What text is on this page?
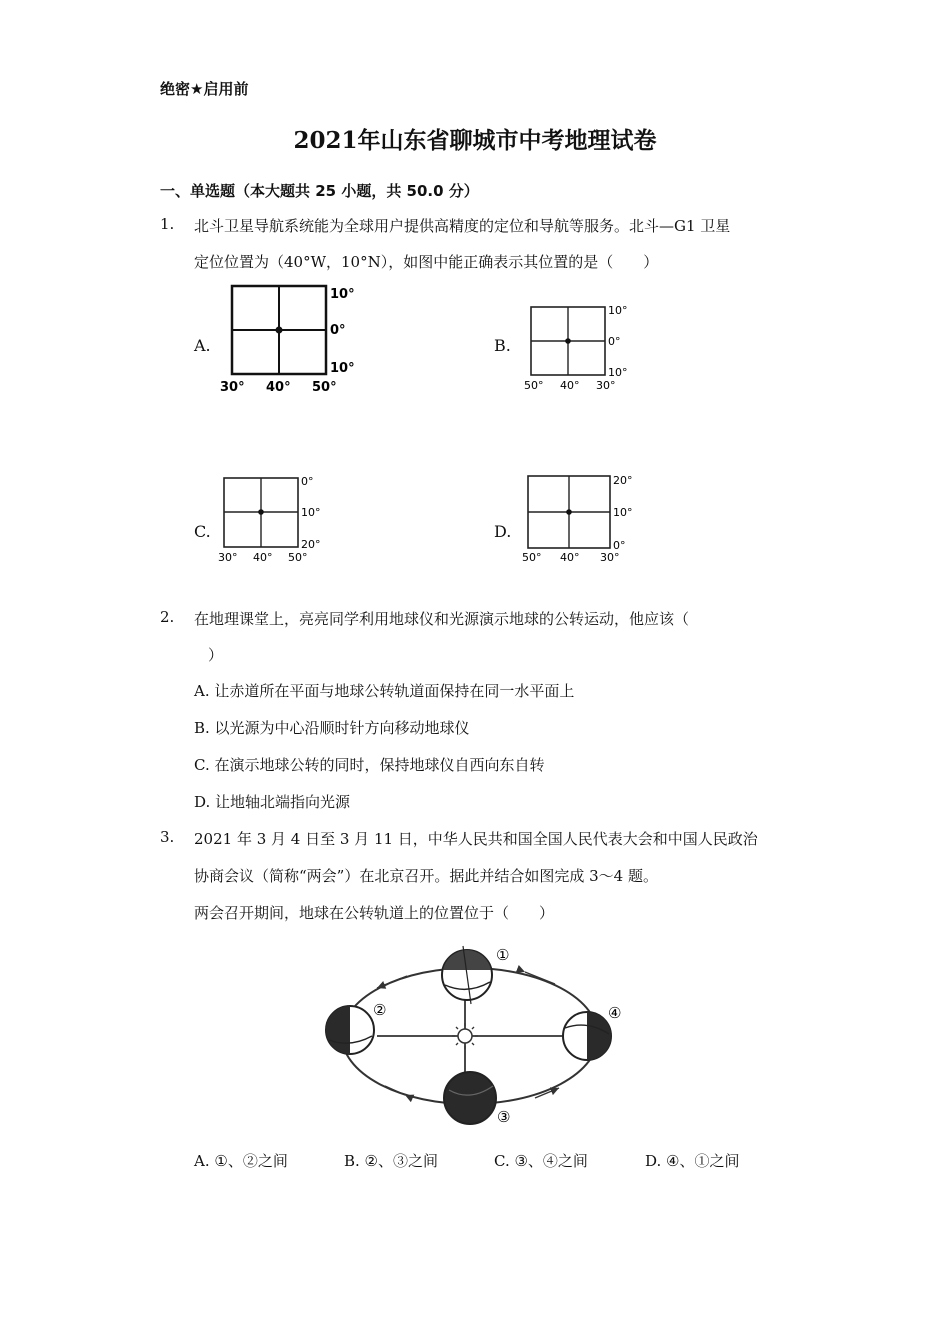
绝密★启用前
2021年山东省聊城市中考地理试卷
一、单选题（本大题共 25 小题，共 50.0 分）
1. 北斗卫星导航系统能为全球用户提供高精度的定位和导航等服务。北斗—G1 卫星
定位位置为（40°W，10°N），如图中能正确表示其位置的是（　　）
A.
10°
0°
10°
30° 40° 50°
B.
10°
0°
10°
50° 40° 30°
C.
0°
10°
20°
30° 40° 50°
D.
20°
10°
0°
50° 40° 30°
2. 在地理课堂上，亮亮同学利用地球仪和光源演示地球的公转运动，他应该（
）
A. 让赤道所在平面与地球公转轨道面保持在同一水平面上
B. 以光源为中心沿顺时针方向移动地球仪
C. 在演示地球公转的同时，保持地球仪自西向东自转
D. 让地轴北端指向光源
3. 2021 年 3 月 4 日至 3 月 11 日，中华人民共和国全国人民代表大会和中国人民政治
协商会议（简称“两会”）在北京召开。据此并结合如图完成 3～4 题。
两会召开期间，地球在公转轨道上的位置位于（　　）
①
②
③
④
A. ①、②之间	B. ②、③之间	C. ③、④之间	D. ④、①之间
